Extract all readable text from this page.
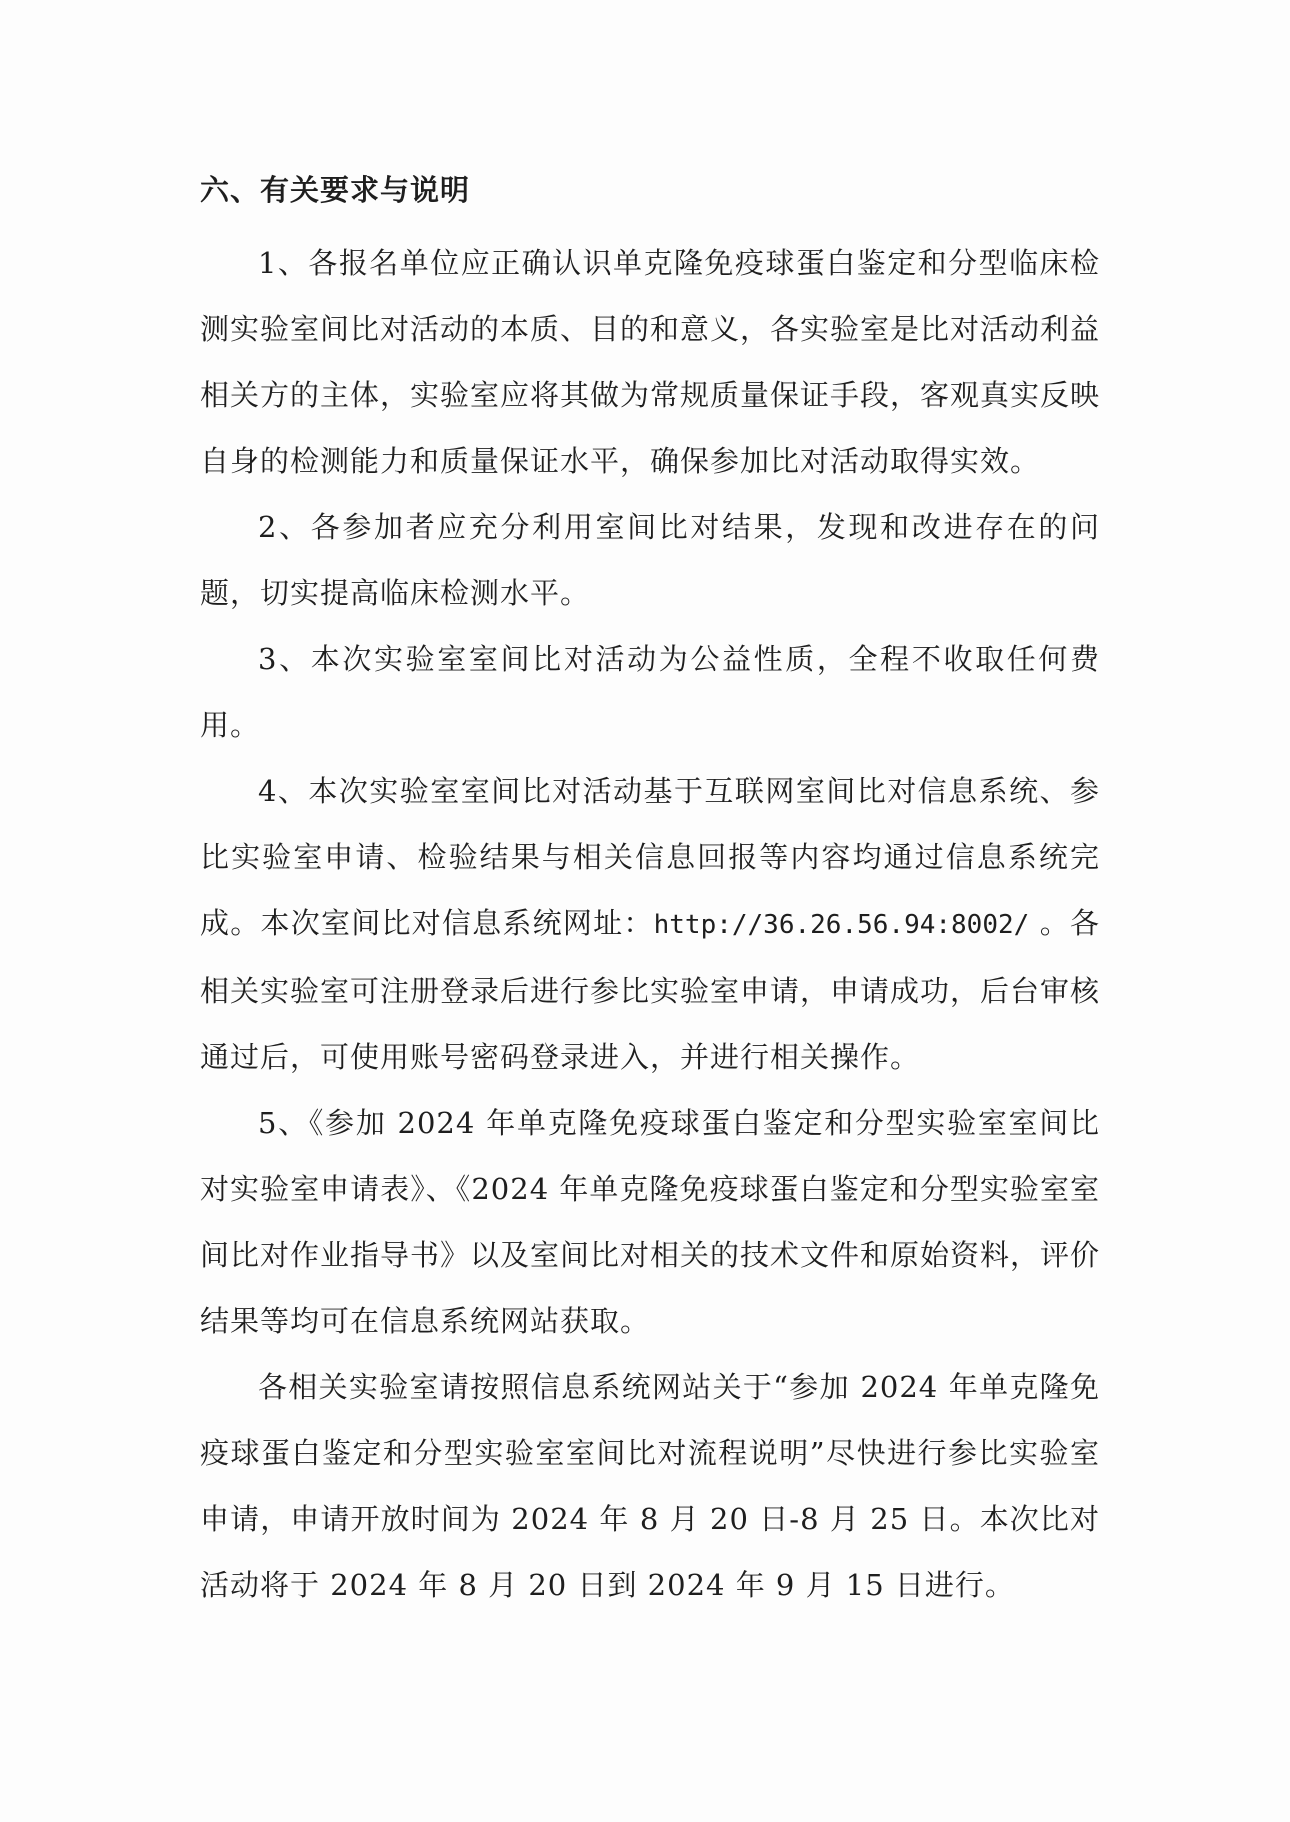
六、有关要求与说明

1、各报名单位应正确认识单克隆免疫球蛋白鉴定和分型临床检测实验室间比对活动的本质、目的和意义，各实验室是比对活动利益相关方的主体，实验室应将其做为常规质量保证手段，客观真实反映自身的检测能力和质量保证水平，确保参加比对活动取得实效。

2、各参加者应充分利用室间比对结果，发现和改进存在的问题，切实提高临床检测水平。

3、本次实验室室间比对活动为公益性质，全程不收取任何费用。

4、本次实验室室间比对活动基于互联网室间比对信息系统、参比实验室申请、检验结果与相关信息回报等内容均通过信息系统完成。本次室间比对信息系统网址：http://36.26.56.94:8002/ 。各相关实验室可注册登录后进行参比实验室申请，申请成功，后台审核通过后，可使用账号密码登录进入，并进行相关操作。

5、《参加 2024 年单克隆免疫球蛋白鉴定和分型实验室室间比对实验室申请表》、《2024 年单克隆免疫球蛋白鉴定和分型实验室室间比对作业指导书》以及室间比对相关的技术文件和原始资料，评价结果等均可在信息系统网站获取。

各相关实验室请按照信息系统网站关于“参加 2024 年单克隆免疫球蛋白鉴定和分型实验室室间比对流程说明”尽快进行参比实验室申请，申请开放时间为 2024 年 8 月 20 日-8 月 25 日。本次比对活动将于 2024 年 8 月 20 日到 2024 年 9 月 15 日进行。
